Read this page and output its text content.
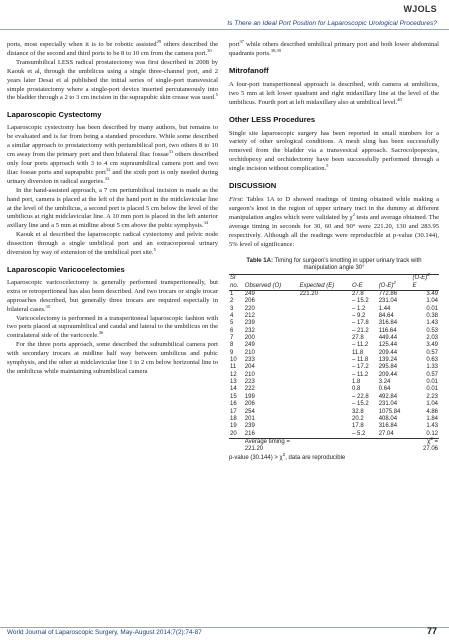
WJOLS
Is There an Ideal Port Position for Laparoscopic Urological Procedures?

ports, most especially when it is to be robotic assisted$^{29}$ others described the distance of the second and third ports to be 8 to 10 cm from the camera port.$^{30}$

Transumbilical LESS radical prostatectomy was first described in 2008 by Kaouk et al, through the umbilicus using a single three-channel port, and 2 years later Desai et al published the initial series of single-port transvesical simple prostatectomy where a single-port device inserted percutaneously into the bladder through a 2 to 3 cm incision in the suprapubic skin crease was used.$^5$

Laparoscopic Cystectomy

Laparoscopic cystectomy has been described by many authors, but remains to be evaluated and is far from being a standard procedure. While some described a similar approach to prostatectomy with periumbilical port, two others 8 to 10 cm away from the primary port and then bilateral iliac fossae$^{31}$ others described only four ports approach with 3 to 4 cm supraumbilical camera port and two iliac fossae ports and suprapubic port$^{32}$ and the sixth port is only needed during urinary diversion in radical surgeries.$^{33}$

In the hand-assisted approach, a 7 cm periumbilical incision is made as the hand port, camera is placed at the left of the hand port in the midclavicular line at the level of the umbilicus, a second port is placed 5 cm below the level of the umbilicus at right midclavicular line. A 10 mm port is placed in the left anterior axillary line and a 5 mm at midline about 5 cm above the pubic symphysis.$^{34}$

Kaouk et al described the laparoscopic radical cystectomy and pelvic node dissection through a single umbilical port and an extracorporeal urinary diversion by way of extension of the umbilical port site.$^5$

Laparoscopic Varicocelectomies

Laparoscopic varicocelectomy is generally performed transperitoneally, but extra or retroperitoneal has also been described. And two trocars or single trocar approaches described, but generally three trocars are required especially in bilateral cases.$^{35}$

Varicocelectomy is performed in a transperitoneal laparoscopic fashion with two ports placed at supraumbilical and caudal and lateral to the umbilicus on the contralateral side of the varicocele.$^{36}$

For the three ports approach, some described the subumbilical camera port with secondary trocars at midline half way between umbilicus and pubic symphysis, and the other at midclavicular line 1 to 2 cm below horizontal line to the umbilicus while maintaining subumbilical camera

port$^{37}$ while others described umbilical primary port and both lower abdominal quadrants ports.$^{38,39}$

Mitrofanoff

A four-port transperitoneal approach is described, with camera at umbilicus, two 5 mm at left lower quadrant and right midaxillary line at the level of the umbilicus. Fourth port at left midaxillary also at umbilical level.$^{40}$

Other LESS Procedures

Single site laparoscopic surgery has been reported in small numbers for a variety of other urological conditions. A mesh sling has been successfully removed from the bladder via a transvesical approach. Sacrocolpopexies, orchidopexy and orchidectomy have been successfully performed through a single incision without complication.$^5$

DISCUSSION

First: Tables 1A to D showed readings of timing obtained while making a surgeon’s knot in the region of upper urinary tract in the dummy at different manipulation angles which were validated by $\chi^2$ tests and average obtained. The average timing in seconds for 30, 60 and 90° were 221.20, 130 and 283.95 respectively. Although all the readings were reproducible at p-value (30.144), 5% level of significance:

Table 1A: Timing for surgeon’s knotting in upper urinary track with manipulation angle 30°
Sl					$(O-E)^2$
no.	Observed (O)	Expected (E)	O-E	$(O-E)^2$	E
1	249	221.20	27.8	772.86	3.49
2	206		– 15.2	231.04	1.04
3	220		– 1.2	1.44	0.01
4	212		– 9.2	84.64	0.38
5	239		– 17.8	316.84	1.43
6	232		– 21.2	116.64	0.53
7	200		27.8	449.44	2.03
8	249		– 11.2	125.44	3.49
9	210		11.8	209.44	0.57
10	233		– 11.8	139.24	0.63
11	204		– 17.2	295.84	1.33
12	210		– 11.2	209.44	0.57
13	223		1.8	3.24	0.01
14	222		0.8	0.64	0.01
15	199		– 22.8	492.84	2.23
16	206		– 15.2	231.04	1.04
17	254		32.8	1075.84	4.86
18	201		20.2	408.04	1.84
19	239		17.8	316.84	1.43
20	216		– 5.2	27.04	0.12
	Average timing =				$\chi^2$ =
	221.20				27.06
p-value $(30.144) > \chi^2$, data are reproducible
World Journal of Laparoscopic Surgery, May-August 2014;7(2):74-87	77
